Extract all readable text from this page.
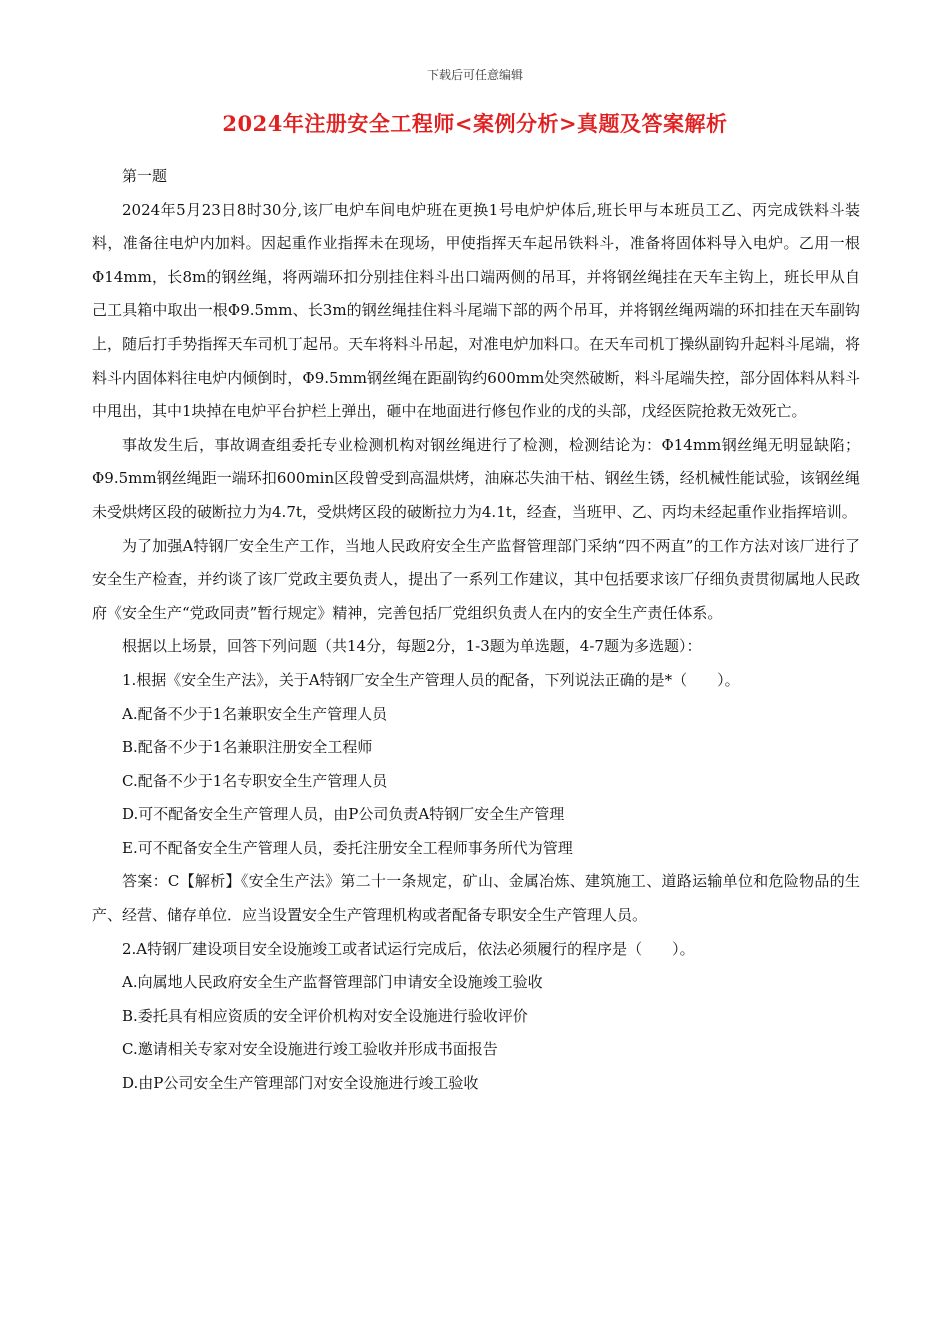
下载后可任意编辑
2024年注册安全工程师<案例分析>真题及答案解析

第一题

2024年5月23日8时30分,该厂电炉车间电炉班在更换1号电炉炉体后,班长甲与本班员工乙、丙完成铁料斗装料，准备往电炉内加料。因起重作业指挥未在现场，甲使指挥天车起吊铁料斗，准备将固体料导入电炉。乙用一根Φ14mm，长8m的钢丝绳，将两端环扣分别挂住料斗出口端两侧的吊耳，并将钢丝绳挂在天车主钩上，班长甲从自己工具箱中取出一根Φ9.5mm、长3m的钢丝绳挂住料斗尾端下部的两个吊耳，并将钢丝绳两端的环扣挂在天车副钩上，随后打手势指挥天车司机丁起吊。天车将料斗吊起，对准电炉加料口。在天车司机丁操纵副钩升起料斗尾端，将料斗内固体料往电炉内倾倒时，Φ9.5mm钢丝绳在距副钩约600mm处突然破断，料斗尾端失控，部分固体料从料斗中甩出，其中1块掉在电炉平台护栏上弹出，砸中在地面进行修包作业的戊的头部，戊经医院抢救无效死亡。

事故发生后，事故调查组委托专业检测机构对钢丝绳进行了检测，检测结论为：Φ14mm钢丝绳无明显缺陷；Φ9.5mm钢丝绳距一端环扣600min区段曾受到高温烘烤，油麻芯失油干枯、钢丝生锈，经机械性能试验，该钢丝绳未受烘烤区段的破断拉力为4.7t，受烘烤区段的破断拉力为4.1t，经查，当班甲、乙、丙均未经起重作业指挥培训。

为了加强A特钢厂安全生产工作，当地人民政府安全生产监督管理部门采纳“四不两直”的工作方法对该厂进行了安全生产检查，并约谈了该厂党政主要负责人，提出了一系列工作建议，其中包括要求该厂仔细负责贯彻属地人民政府《安全生产“党政同责”暂行规定》精神，完善包括厂党组织负责人在内的安全生产责任体系。

根据以上场景，回答下列问题（共14分，每题2分，1-3题为单选题，4-7题为多选题）：

1.根据《安全生产法》，关于A特钢厂安全生产管理人员的配备，下列说法正确的是*（　　）。

A.配备不少于1名兼职安全生产管理人员

B.配备不少于1名兼职注册安全工程师

C.配备不少于1名专职安全生产管理人员

D.可不配备安全生产管理人员，由P公司负责A特钢厂安全生产管理

E.可不配备安全生产管理人员，委托注册安全工程师事务所代为管理

答案：C【解析】《安全生产法》第二十一条规定，矿山、金属冶炼、建筑施工、道路运输单位和危险物品的生产、经营、储存单位．应当设置安全生产管理机构或者配备专职安全生产管理人员。

2.A特钢厂建设项目安全设施竣工或者试运行完成后，依法必须履行的程序是（　　）。

A.向属地人民政府安全生产监督管理部门申请安全设施竣工验收

B.委托具有相应资质的安全评价机构对安全设施进行验收评价

C.邀请相关专家对安全设施进行竣工验收并形成书面报告

D.由P公司安全生产管理部门对安全设施进行竣工验收
